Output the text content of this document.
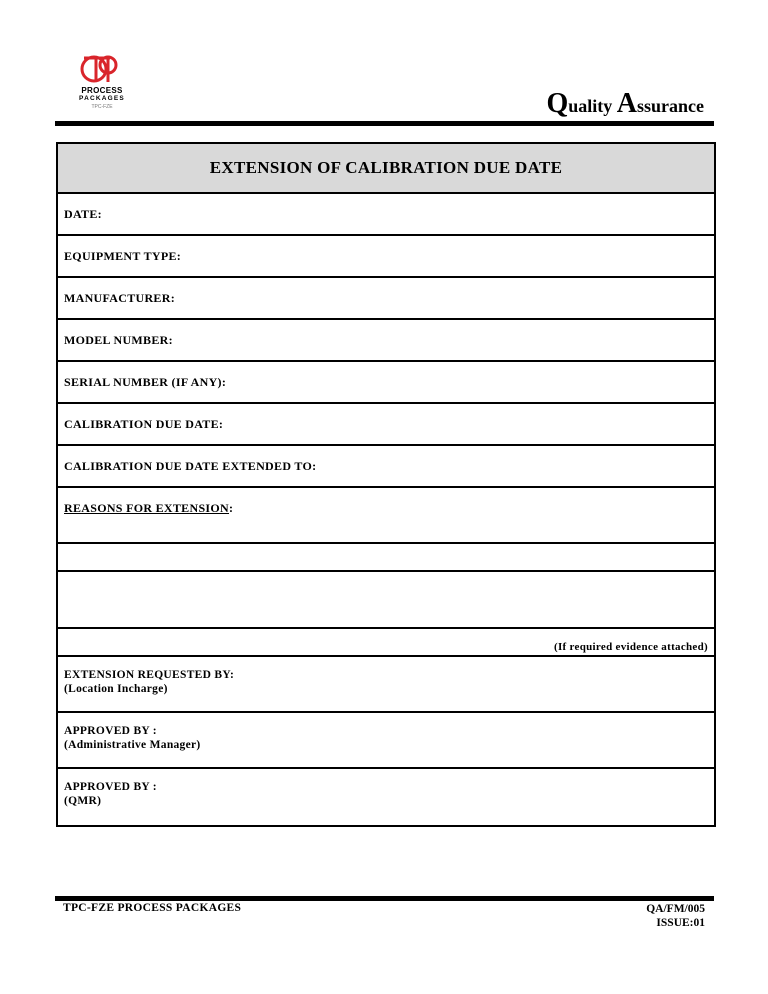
PROCESS
PACKAGES
TPC-FZE	Quality Assurance
EXTENSION OF CALIBRATION DUE DATE
DATE:
EQUIPMENT TYPE:
MANUFACTURER:
MODEL NUMBER:
SERIAL NUMBER (IF ANY):
CALIBRATION DUE DATE:
CALIBRATION DUE DATE EXTENDED TO:
REASONS FOR EXTENSION:
(If required evidence attached)
EXTENSION REQUESTED BY:
(Location Incharge)
APPROVED BY :
(Administrative Manager)
APPROVED BY :
(QMR)
TPC-FZE PROCESS PACKAGES	QA/FM/005
ISSUE:01
